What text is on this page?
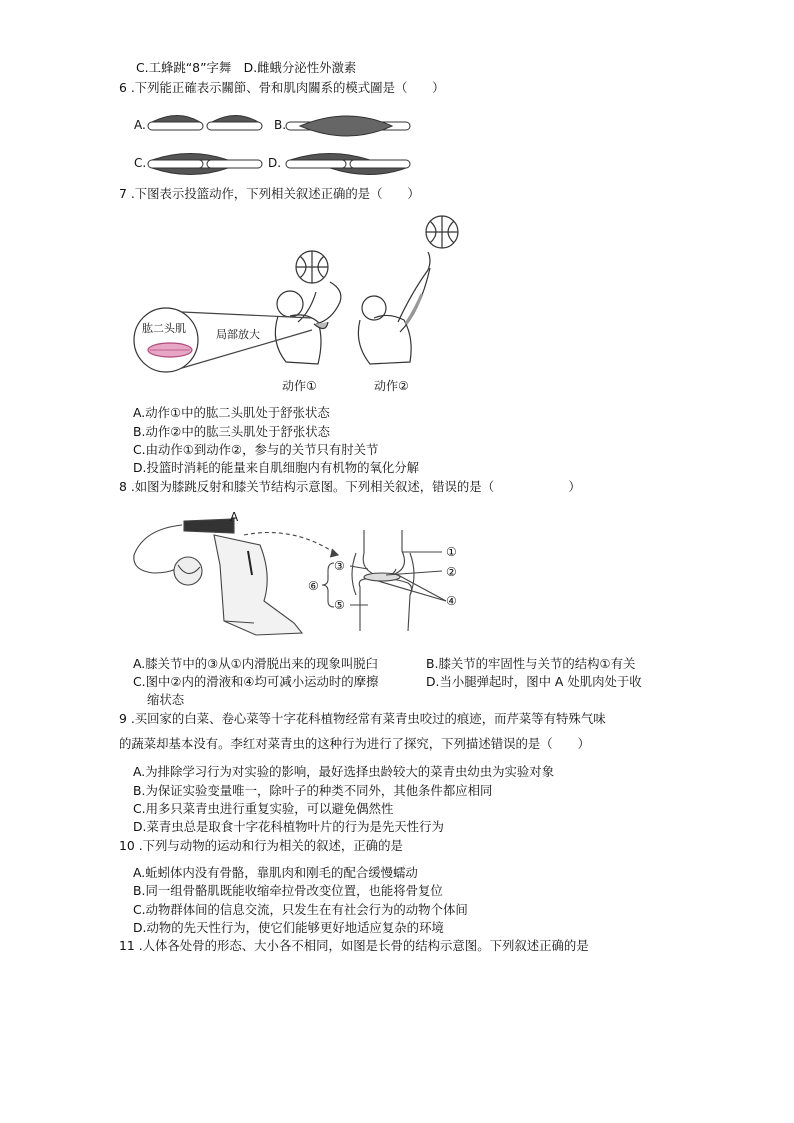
C.工蜂跳“8”字舞　D.雌蛾分泌性外激素
6 .下列能正確表示關節、骨和肌肉關系的模式圖是（　　）
A.	B.
C.	D.
7 .下图表示投篮动作，下列相关叙述正确的是（　　）
肱二头肌	局部放大
动作①	动作②
A.动作①中的肱二头肌处于舒张状态
B.动作②中的肱三头肌处于舒张状态
C.由动作①到动作②，参与的关节只有肘关节
D.投篮时消耗的能量来自肌细胞内有机物的氧化分解
8 .如图为膝跳反射和膝关节结构示意图。下列相关叙述，错误的是（　　　　　　）
A
①
②
③
④
⑤
⑥
A.膝关节中的③从①内滑脱出来的现象叫脱臼	B.膝关节的牢固性与关节的结构①有关
C.图中②内的滑液和④均可减小运动时的摩擦	D.当小腿弹起时，图中 A 处肌肉处于收
缩状态
9 .买回家的白菜、卷心菜等十字花科植物经常有菜青虫咬过的痕迹，而芹菜等有特殊气味
的蔬菜却基本没有。李红对菜青虫的这种行为进行了探究，下列描述错误的是（　　）
A.为排除学习行为对实验的影响，最好选择虫龄较大的菜青虫幼虫为实验对象
B.为保证实验变量唯一，除叶子的种类不同外，其他条件都应相同
C.用多只菜青虫进行重复实验，可以避免偶然性
D.菜青虫总是取食十字花科植物叶片的行为是先天性行为
10 .下列与动物的运动和行为相关的叙述，正确的是
A.蚯蚓体内没有骨骼，靠肌肉和刚毛的配合缓慢蠕动
B.同一组骨骼肌既能收缩牵拉骨改变位置，也能将骨复位
C.动物群体间的信息交流，只发生在有社会行为的动物个体间
D.动物的先天性行为，使它们能够更好地适应复杂的环境
11 .人体各处骨的形态、大小各不相同，如图是长骨的结构示意图。下列叙述正确的是
